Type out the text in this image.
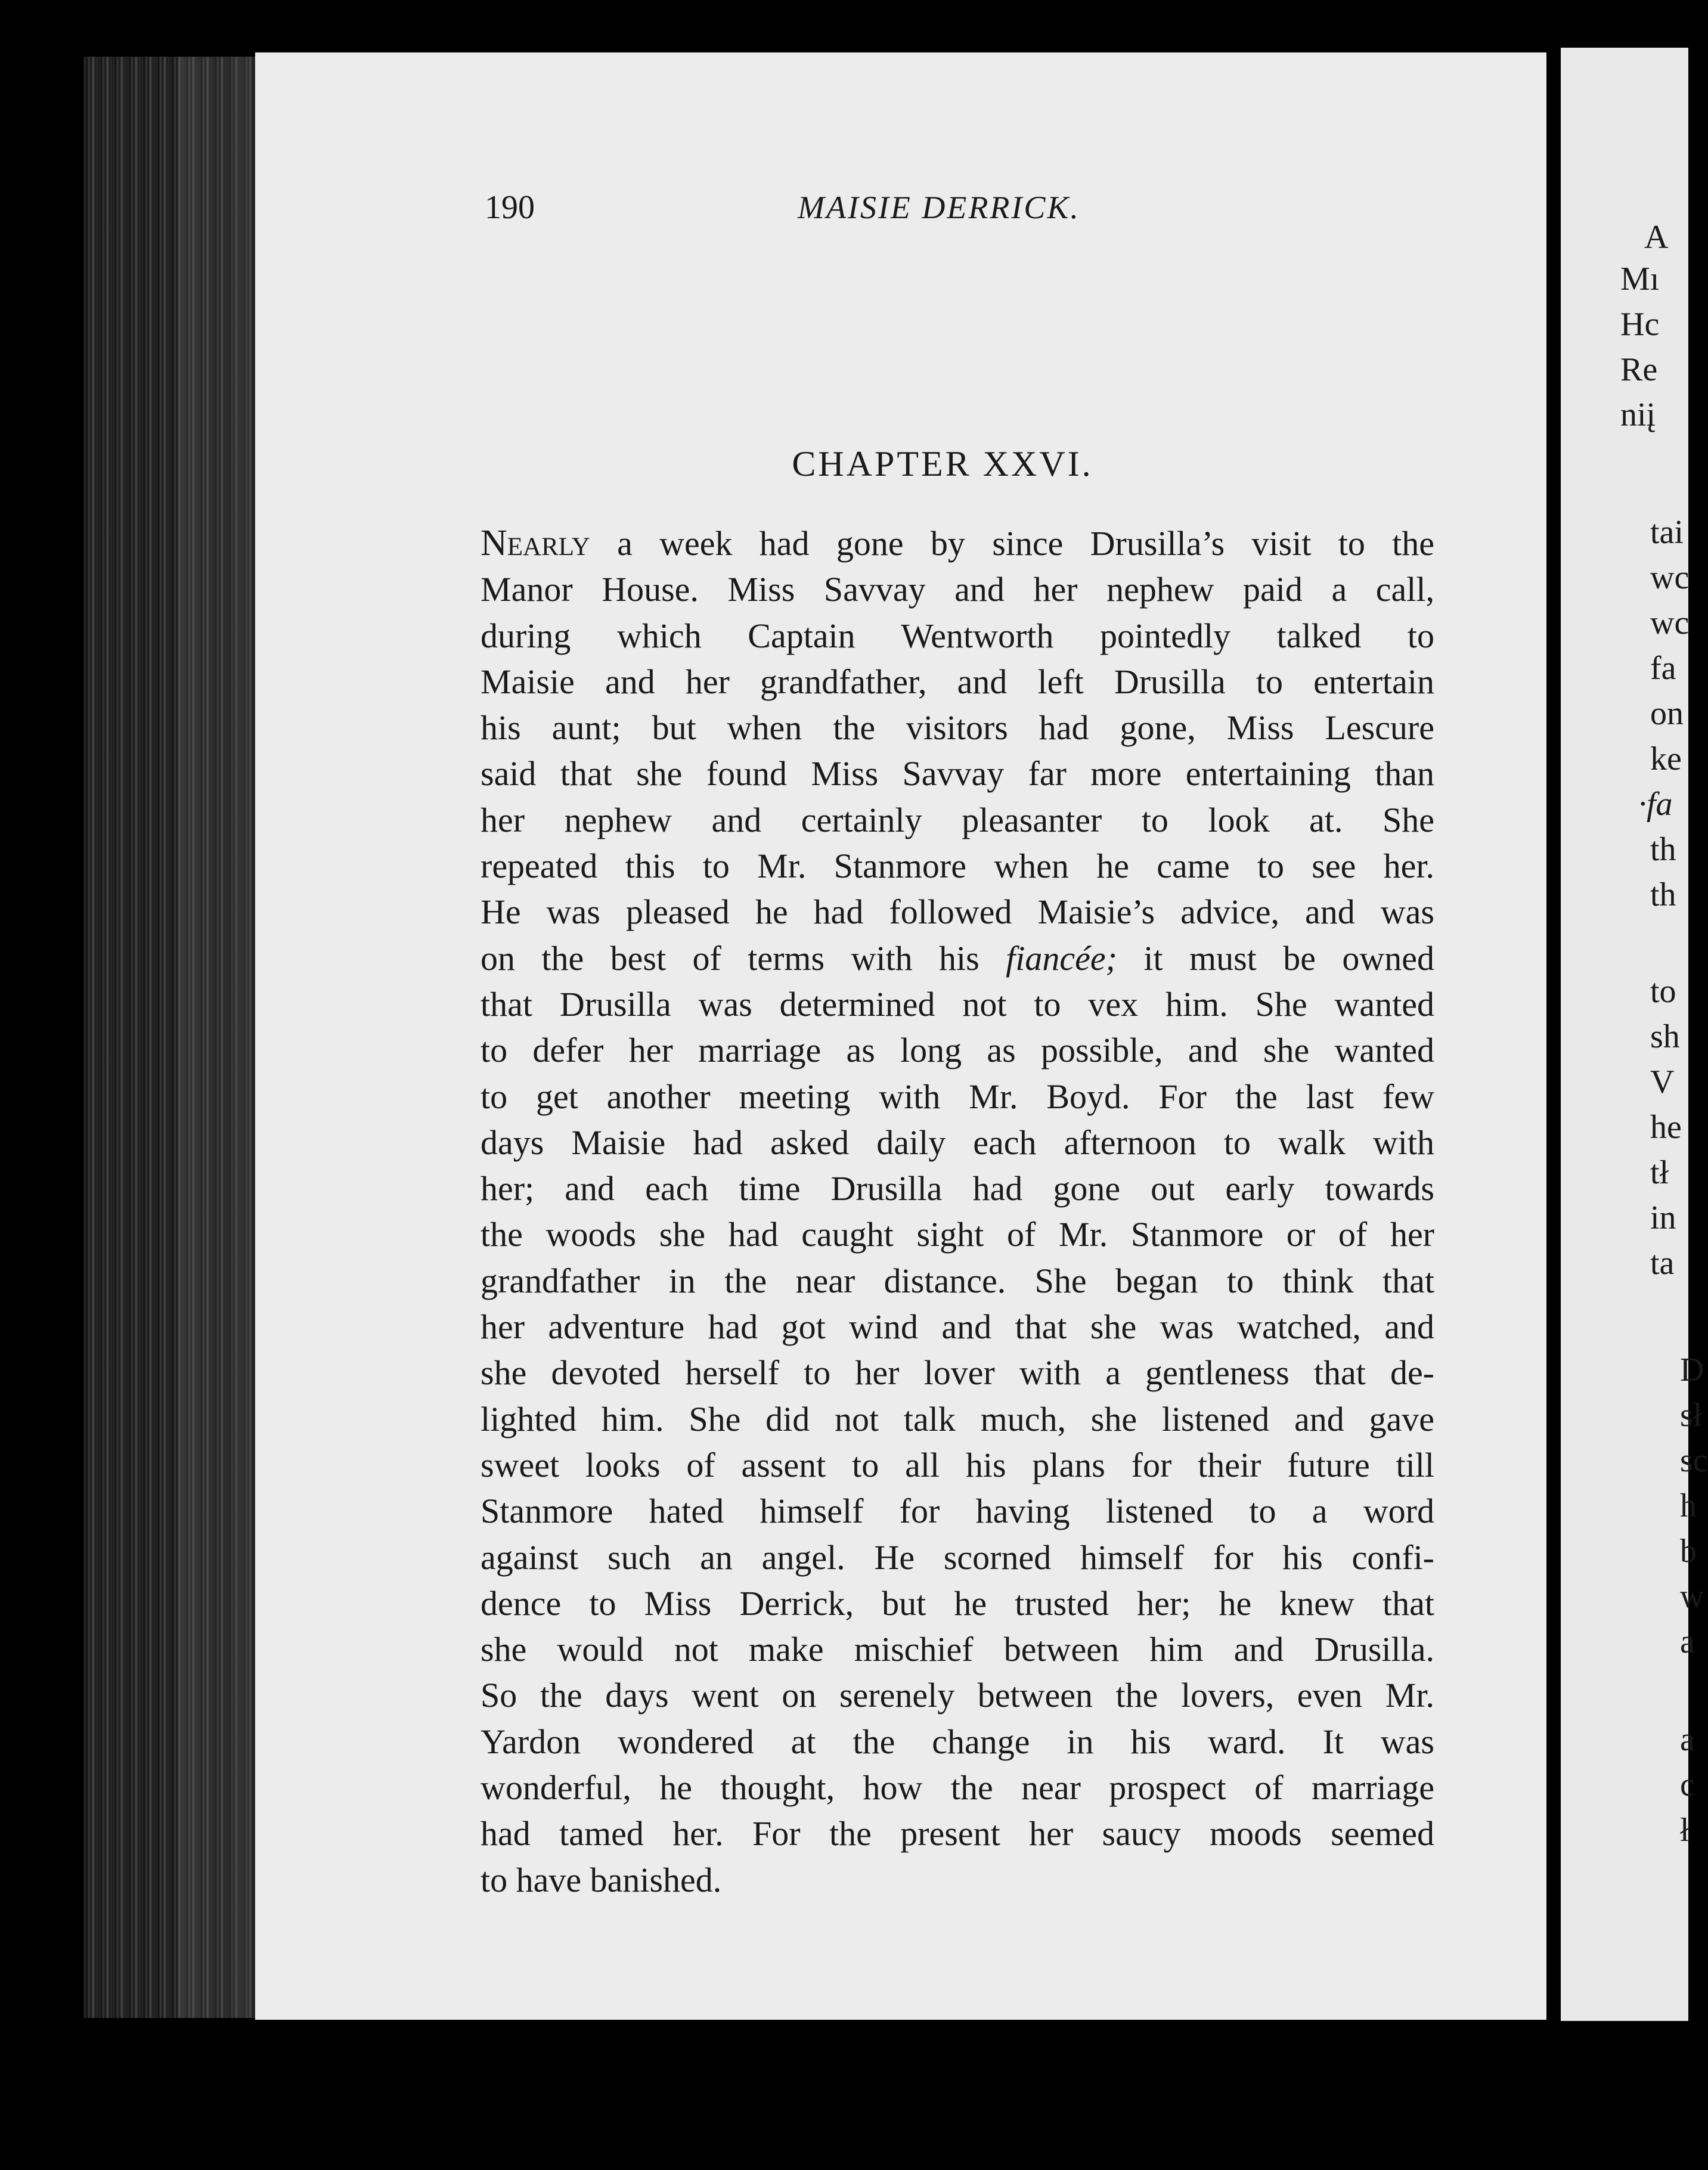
190	MAISIE DERRICK.
CHAPTER XXVI.
Nearly a week had gone by since Drusilla’s visit to the
Manor House. Miss Savvay and her nephew paid a call,
during which Captain Wentworth pointedly talked to
Maisie and her grandfather, and left Drusilla to entertain
his aunt; but when the visitors had gone, Miss Lescure
said that she found Miss Savvay far more entertaining than
her nephew and certainly pleasanter to look at. She
repeated this to Mr. Stanmore when he came to see her.
He was pleased he had followed Maisie’s advice, and was
on the best of terms with his fiancée; it must be owned
that Drusilla was determined not to vex him. She wanted
to defer her marriage as long as possible, and she wanted
to get another meeting with Mr. Boyd. For the last few
days Maisie had asked daily each afternoon to walk with
her; and each time Drusilla had gone out early towards
the woods she had caught sight of Mr. Stanmore or of her
grandfather in the near distance. She began to think that
her adventure had got wind and that she was watched, and
she devoted herself to her lover with a gentleness that de-
lighted him. She did not talk much, she listened and gave
sweet looks of assent to all his plans for their future till
Stanmore hated himself for having listened to a word
against such an angel. He scorned himself for his confi-
dence to Miss Derrick, but he trusted her; he knew that
she would not make mischief between him and Drusilla.
So the days went on serenely between the lovers, even Mr.
Yardon wondered at the change in his ward. It was
wonderful, he thought, how the near prospect of marriage
had tamed her. For the present her saucy moods seemed
to have banished.
A
Mı
Hc
Re
niį
tai
wc
wc
fa
on
ke
·fa
th
th
to
sh
V
he
tł
in
ta
D
sł
sc
h
b
w
a
a
c
ł
